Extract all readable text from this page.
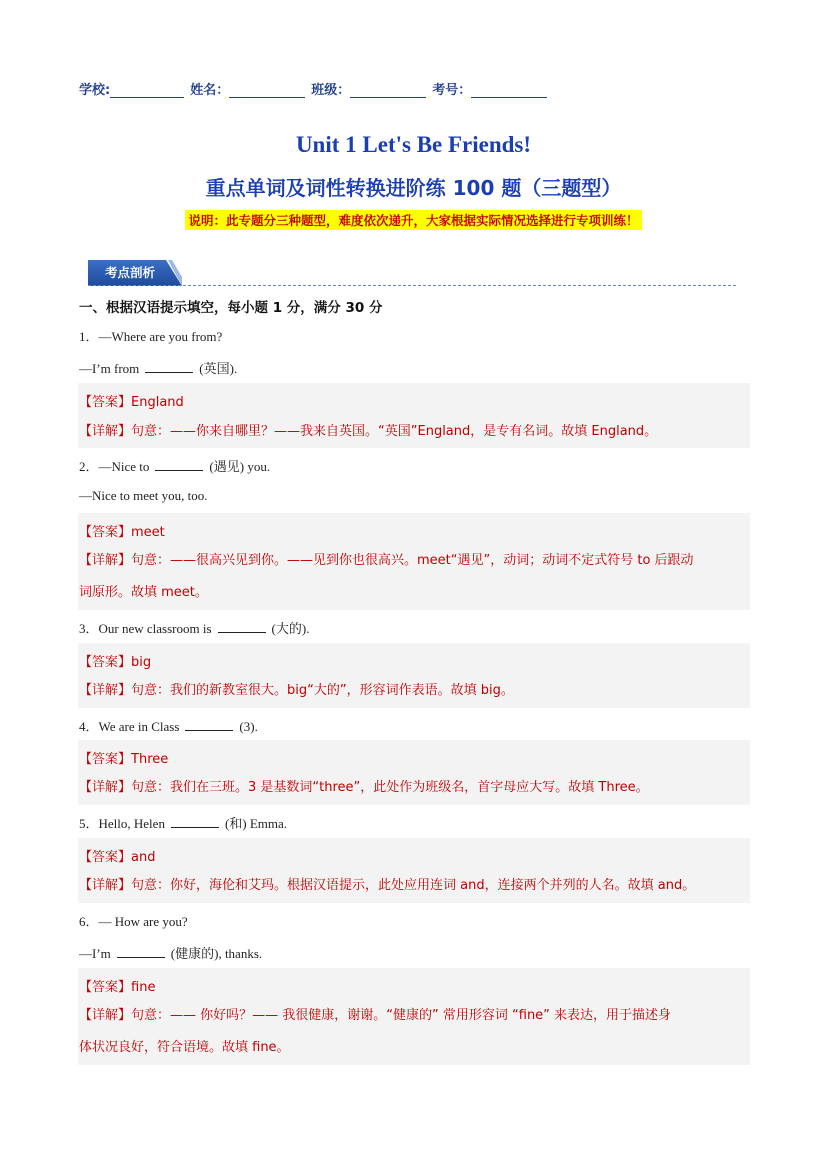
学校:	姓名：	班级：	考号：
Unit 1 Let's Be Friends!
重点单词及词性转换进阶练 100 题（三题型）
说明：此专题分三种题型，难度依次递升，大家根据实际情况选择进行专项训练！
考点剖析
一、根据汉语提示填空，每小题 1 分，满分 30 分
1．—Where are you from?
—I’m from	(英国).
【答案】England
【详解】句意：——你来自哪里？——我来自英国。“英国”England，是专有名词。故填 England。
2．—Nice to	(遇见) you.
—Nice to meet you, too.
【答案】meet
【详解】句意：——很高兴见到你。——见到你也很高兴。meet“遇见”，动词；动词不定式符号 to 后跟动
词原形。故填 meet。
3．Our new classroom is	(大的).
【答案】big
【详解】句意：我们的新教室很大。big“大的”，形容词作表语。故填 big。
4．We are in Class	(3).
【答案】Three
【详解】句意：我们在三班。3 是基数词“three”，此处作为班级名，首字母应大写。故填 Three。
5．Hello, Helen	(和) Emma.
【答案】and
【详解】句意：你好，海伦和艾玛。根据汉语提示，此处应用连词 and，连接两个并列的人名。故填 and。
6．— How are you?
—I’m	(健康的), thanks.
【答案】fine
【详解】句意：—— 你好吗？—— 我很健康，谢谢。“健康的” 常用形容词 “fine” 来表达，用于描述身
体状况良好，符合语境。故填 fine。
